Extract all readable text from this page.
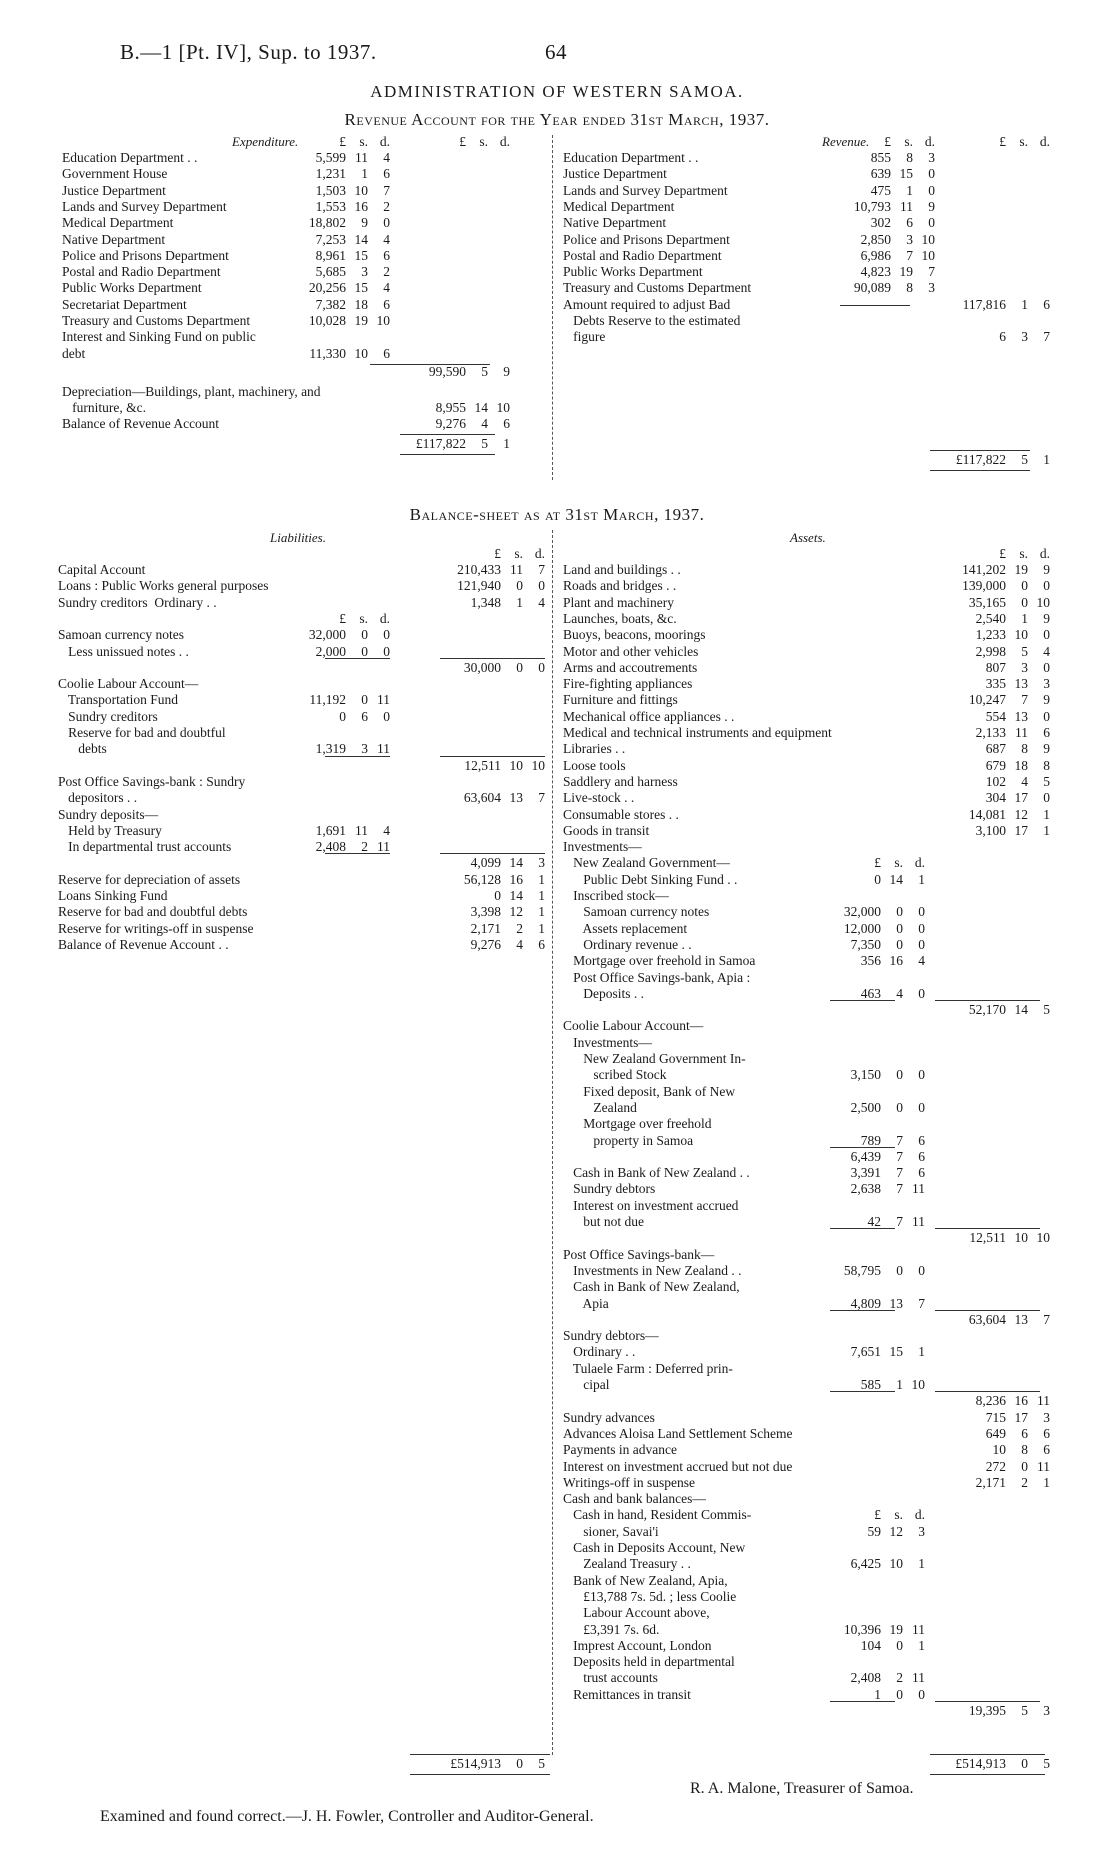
B.—1 [Pt. IV], Sup. to 1937.	64
ADMINISTRATION OF WESTERN SAMOA.
Revenue Account for the Year ended 31st March, 1937.
Expenditure.	Revenue.
£ s. d.	£ s. d.
Education Department . .	5,599 11	4
Government House	1,231	1	6
Justice Department	1,503 10	7
Lands and Survey Department	1,553 16	2
Medical Department	18,802	9	0
Native Department	7,253 14	4
Police and Prisons Department	8,961 15	6
Postal and Radio Department	5,685	3	2
Public Works Department	20,256 15	4
Secretariat Department	7,382 18	6
Treasury and Customs Department	10,028 19 10
Interest and Sinking Fund on public
debt	11,330 10	6
99,590	5	9
Depreciation—Buildings, plant, machinery, and
furniture, &c.	8,955 14 10
Balance of Revenue Account	9,276	4	6
£117,822	5	1
£ s. d.	£ s. d.
Education Department . .	855	8	3
Justice Department	639 15	0
Lands and Survey Department	475	1	0
Medical Department	10,793 11	9
Native Department	302	6	0
Police and Prisons Department	2,850	3 10
Postal and Radio Department	6,986	7 10
Public Works Department	4,823 19	7
Treasury and Customs Department	90,089	8	3
Amount required to adjust Bad	117,816	1	6
Debts Reserve to the estimated
figure	6	3	7
£117,822	5	1
Balance-sheet as at 31st March, 1937.
Liabilities.	Assets.
£ s. d.
Capital Account	210,433 11	7
Loans : Public Works general purposes	121,940	0	0
Sundry creditors  Ordinary . .	1,348	1	4
£ s. d.
Samoan currency notes	32,000	0	0
Less unissued notes . .	2,000	0	0
30,000	0	0
Coolie Labour Account—
Transportation Fund	11,192	0 11
Sundry creditors	0	6	0
Reserve for bad and doubtful
debts	1,319	3 11
12,511 10 10
Post Office Savings-bank : Sundry
depositors . .	63,604 13	7
Sundry deposits—
Held by Treasury	1,691 11	4
In departmental trust accounts	2,408	2 11
4,099 14	3
Reserve for depreciation of assets	56,128 16	1
Loans Sinking Fund	0 14	1
Reserve for bad and doubtful debts	3,398 12	1
Reserve for writings-off in suspense	2,171	2	1
Balance of Revenue Account . .	9,276	4	6
£514,913	0	5
£ s. d.
Land and buildings . .	141,202 19	9
Roads and bridges . .	139,000	0	0
Plant and machinery	35,165	0 10
Launches, boats, &c.	2,540	1	9
Buoys, beacons, moorings	1,233 10	0
Motor and other vehicles	2,998	5	4
Arms and accoutrements	807	3	0
Fire-fighting appliances	335 13	3
Furniture and fittings	10,247	7	9
Mechanical office appliances . .	554 13	0
Medical and technical instruments and equipment	2,133 11	6
Libraries . .	687	8	9
Loose tools	679 18	8
Saddlery and harness	102	4	5
Live-stock . .	304 17	0
Consumable stores . .	14,081 12	1
Goods in transit	3,100 17	1
Investments—
New Zealand Government—	£ s. d.
Public Debt Sinking Fund . .	0 14	1
Inscribed stock—
Samoan currency notes	32,000	0	0
Assets replacement	12,000	0	0
Ordinary revenue . .	7,350	0	0
Mortgage over freehold in Samoa	356 16	4
Post Office Savings-bank, Apia :
Deposits . .	463	4	0
52,170 14	5
Coolie Labour Account—
Investments—
New Zealand Government In-
scribed Stock	3,150	0	0
Fixed deposit, Bank of New
Zealand	2,500	0	0
Mortgage over freehold
property in Samoa	789	7	6
6,439	7	6
Cash in Bank of New Zealand . .	3,391	7	6
Sundry debtors	2,638	7 11
Interest on investment accrued
but not due	42	7 11
12,511 10 10
Post Office Savings-bank—
Investments in New Zealand . .	58,795	0	0
Cash in Bank of New Zealand,
Apia	4,809 13	7
63,604 13	7
Sundry debtors—
Ordinary . .	7,651 15	1
Tulaele Farm : Deferred prin-
cipal	585	1 10
8,236 16 11
Sundry advances	715 17	3
Advances Aloisa Land Settlement Scheme	649	6	6
Payments in advance	10	8	6
Interest on investment accrued but not due	272	0 11
Writings-off in suspense	2,171	2	1
Cash and bank balances—
Cash in hand, Resident Commis-	£ s. d.
sioner, Savai'i	59 12	3
Cash in Deposits Account, New
Zealand Treasury . .	6,425 10	1
Bank of New Zealand, Apia,
£13,788 7s. 5d. ; less Coolie
Labour Account above,
£3,391 7s. 6d.	10,396 19 11
Imprest Account, London	104	0	1
Deposits held in departmental
trust accounts	2,408	2 11
Remittances in transit	1	0	0
19,395	5	3
£514,913	0	5
R. A. Malone, Treasurer of Samoa.
Examined and found correct.—J. H. Fowler, Controller and Auditor-General.
